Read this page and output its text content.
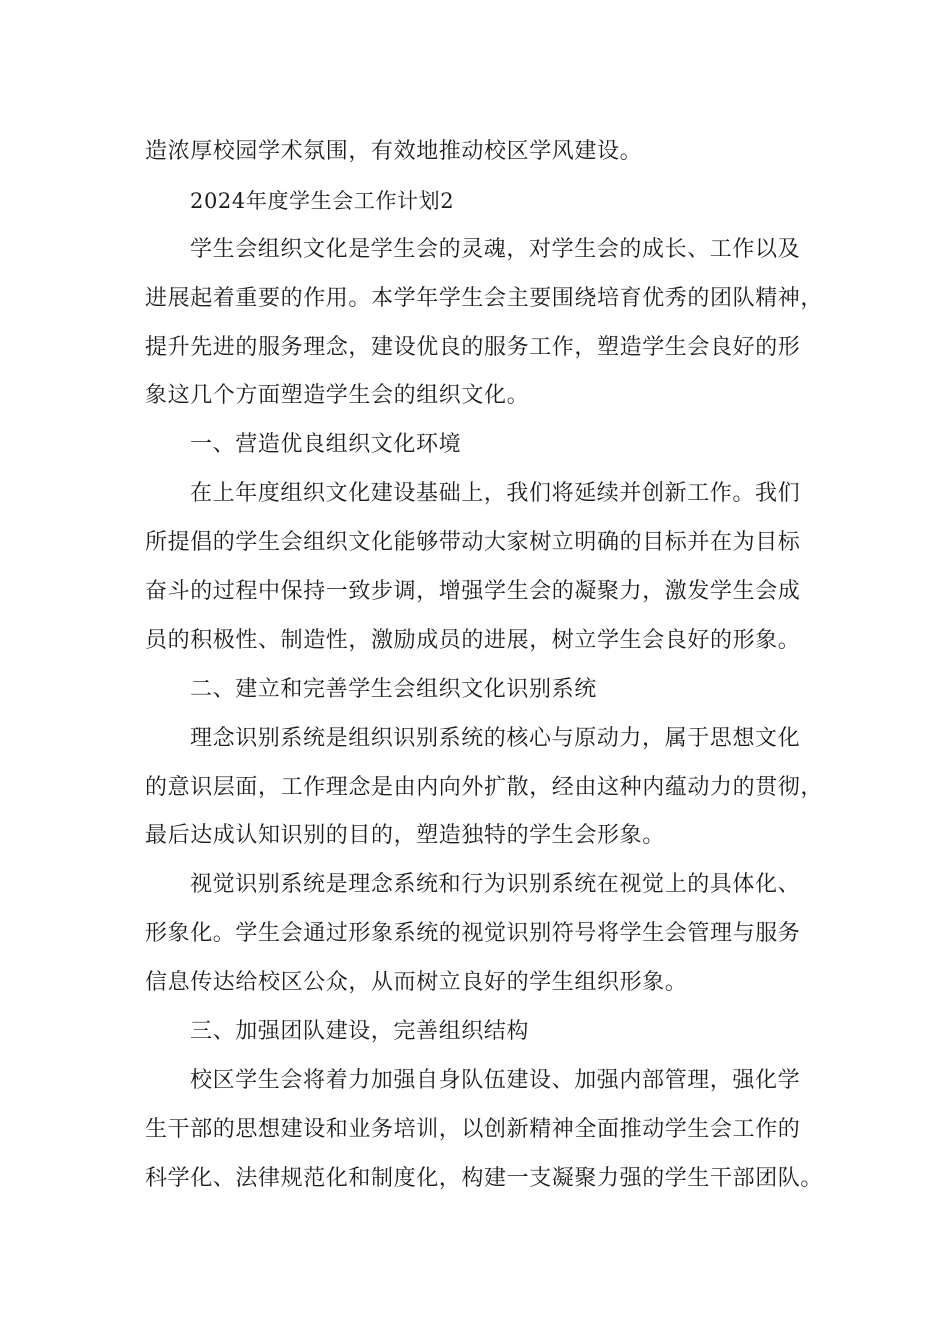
造浓厚校园学术氛围，有效地推动校区学风建设。
2024年度学生会工作计划2
学生会组织文化是学生会的灵魂，对学生会的成长、工作以及
进展起着重要的作用。本学年学生会主要围绕培育优秀的团队精神，
提升先进的服务理念，建设优良的服务工作，塑造学生会良好的形
象这几个方面塑造学生会的组织文化。
一、营造优良组织文化环境
在上年度组织文化建设基础上，我们将延续并创新工作。我们
所提倡的学生会组织文化能够带动大家树立明确的目标并在为目标
奋斗的过程中保持一致步调，增强学生会的凝聚力，激发学生会成
员的积极性、制造性，激励成员的进展，树立学生会良好的形象。
二、建立和完善学生会组织文化识别系统
理念识别系统是组织识别系统的核心与原动力，属于思想文化
的意识层面，工作理念是由内向外扩散，经由这种内蕴动力的贯彻，
最后达成认知识别的目的，塑造独特的学生会形象。
视觉识别系统是理念系统和行为识别系统在视觉上的具体化、
形象化。学生会通过形象系统的视觉识别符号将学生会管理与服务
信息传达给校区公众，从而树立良好的学生组织形象。
三、加强团队建设，完善组织结构
校区学生会将着力加强自身队伍建设、加强内部管理，强化学
生干部的思想建设和业务培训，以创新精神全面推动学生会工作的
科学化、法律规范化和制度化，构建一支凝聚力强的学生干部团队。
